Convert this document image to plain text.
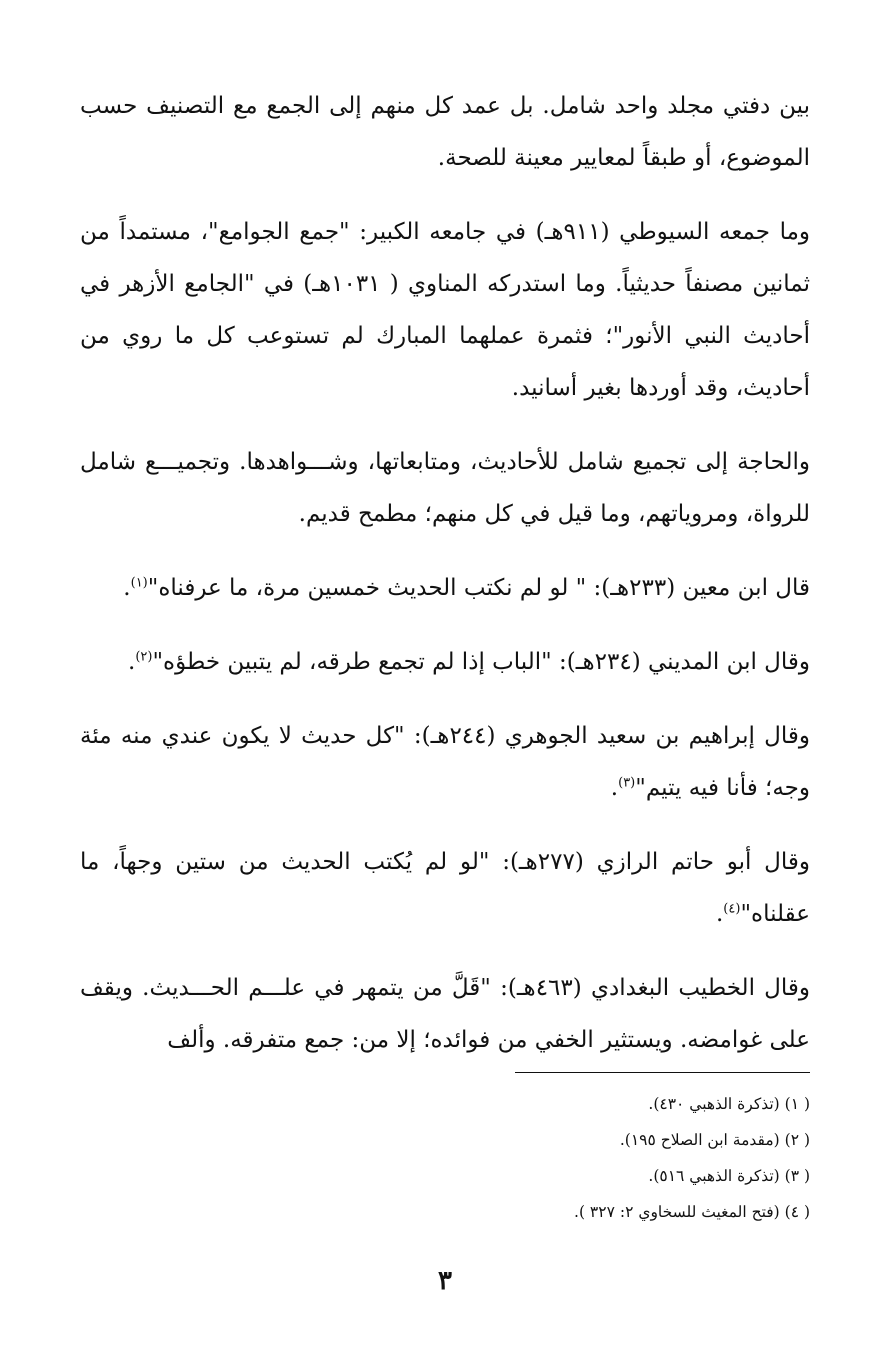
بين دفتي مجلد واحد شامل. بل عمد كل منهم إلى الجمع مع التصنيف حسب الموضوع، أو طبقاً لمعايير معينة للصحة.

وما جمعه السيوطي (٩١١هـ) في جامعه الكبير: "جمع الجوامع"، مستمداً من ثمانين مصنفاً حديثياً. وما استدركه المناوي ( ١٠٣١هـ) في "الجامع الأزهر في أحاديث النبي الأنور"؛ فثمرة عملهما المبارك لم تستوعب كل ما روي من أحاديث، وقد أوردها بغير أسانيد.

والحاجة إلى تجميع شامل للأحاديث، ومتابعاتها، وشـــواهدها. وتجميـــع شامل للرواة، ومروياتهم، وما قيل في كل منهم؛ مطمح قديم.

قال ابن معين (٢٣٣هـ): " لو لم نكتب الحديث خمسين مرة، ما عرفناه"$^{(١)}$.

وقال ابن المديني (٢٣٤هـ): "الباب إذا لم تجمع طرقه، لم يتبين خطؤه"$^{(٢)}$.

وقال إبراهيم بن سعيد الجوهري (٢٤٤هـ): "كل حديث لا يكون عندي منه مئة وجه؛ فأنا فيه يتيم"$^{(٣)}$.

وقال أبو حاتم الرازي (٢٧٧هـ): "لو لم يُكتب الحديث من ستين وجهاً، ما عقلناه"$^{(٤)}$.

وقال الخطيب البغدادي (٤٦٣هـ): "قَلَّ من يتمهر في علـــم الحـــديث. ويقف على غوامضه. ويستثير الخفي من فوائده؛ إلا من: جمع متفرقه. وألف

( ١) (تذكرة الذهبي ٤٣٠).

( ٢) (مقدمة ابن الصلاح ١٩٥).

( ٣) (تذكرة الذهبي ٥١٦).

( ٤) (فتح المغيث للسخاوي ٢: ٣٢٧ ).

٣
